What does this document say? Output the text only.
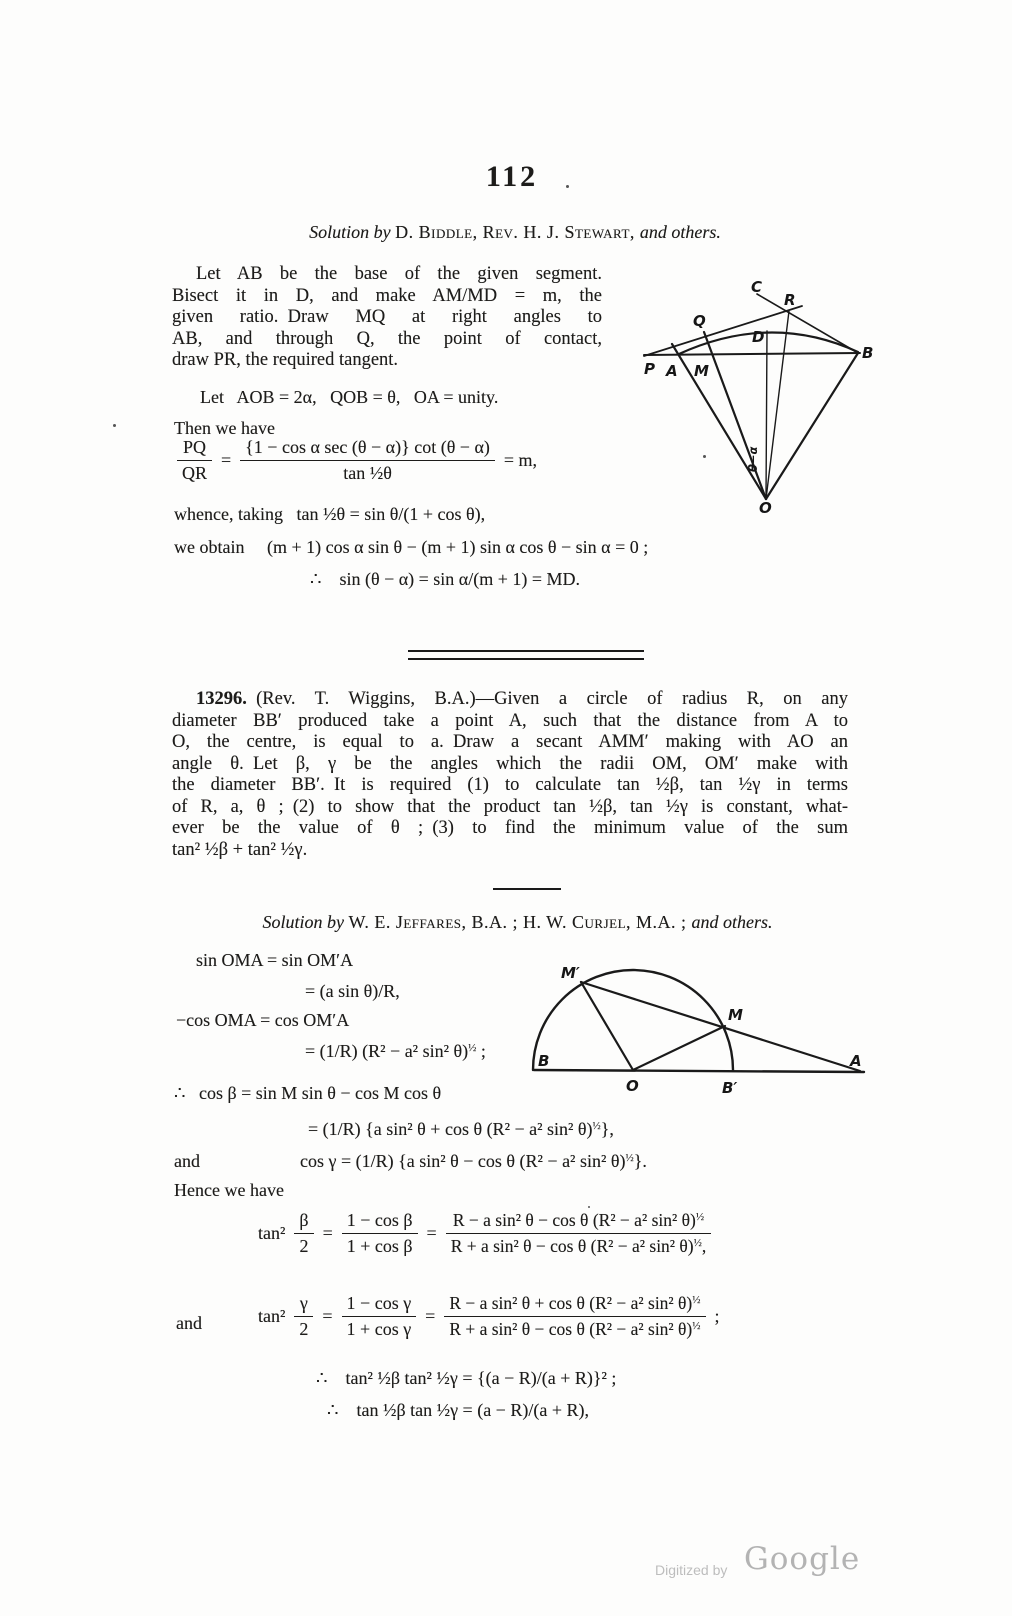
112
Solution by D. Biddle, Rev. H. J. Stewart, and others.
Let AB be the base of the given segment.
Bisect it in D, and make AM/MD = m, the
given ratio. Draw MQ at right angles to
AB, and through Q, the point of contact,
draw PR, the required tangent.
C
R
Q
D
P A M
B
O
θ−α
Let  AOB = 2α,  QOB = θ,  OA = unity.
Then we have
$\frac{PQ}{QR} = \frac{\text{\{1 − cos α sec (θ − α)\} cot (θ − α)}}{\text{tan ½θ}} = m$,
whence, taking  tan ½θ = sin θ/(1 + cos θ),
we obtain  (m + 1) cos α sin θ − (m + 1) sin α cos θ − sin α = 0 ;
∴ sin (θ − α) = sin α/(m + 1) = MD.
13296.  (Rev. T. Wiggins, B.A.)—Given a circle of radius R, on any
diameter BB′ produced take a point A, such that the distance from A to
O, the centre, is equal to a. Draw a secant AMM′ making with AO an
angle θ. Let β, γ be the angles which the radii OM, OM′ make with
the diameter BB′. It is required (1) to calculate tan ½β, tan ½γ in terms
of R, a, θ ; (2) to show that the product tan ½β, tan ½γ is constant, what-
ever be the value of θ ; (3) to find the minimum value of the sum
tan² ½β + tan² ½γ.
Solution by W. E. Jeffares, B.A. ; H. W. Curjel, M.A. ; and others.
M′
M
B
O	B′
A
sin OMA = sin OM′A
= (a sin θ)/R,
−cos OMA = cos OM′A
= (1/R) (R² − a² sin² θ)$^{\frac{1}{2}}$ ;
∴  cos β = sin M sin θ − cos M cos θ
= (1/R) {a sin² θ + cos θ (R² − a² sin² θ)$^{\frac{1}{2}}$},
and	cos γ = (1/R) {a sin² θ − cos θ (R² − a² sin² θ)$^{\frac{1}{2}}$}.
Hence we have
$\tan^2 \frac{\beta}{2} = \frac{\text{1 − cos β}}{\text{1 + cos β}} = \frac{R - a \sin^2 \theta - \cos \theta (R^2 - a^2 \sin^2 \theta)^{\frac{1}{2}}}{R + a \sin^2 \theta - \cos \theta (R^2 - a^2 \sin^2 \theta)^{\frac{1}{2}},}$
and	$\tan^2 \frac{\gamma}{2} = \frac{\text{1 − cos γ}}{\text{1 + cos γ}} = \frac{R - a \sin^2 \theta + \cos \theta (R^2 - a^2 \sin^2 \theta)^{\frac{1}{2}}}{R + a \sin^2 \theta - \cos \theta (R^2 - a^2 \sin^2 \theta)^{\frac{1}{2}}}$ ;
∴ tan² ½β tan² ½γ = {(a − R)/(a + R)}² ;
∴ tan ½β tan ½γ = (a − R)/(a + R),
Digitized by Google
